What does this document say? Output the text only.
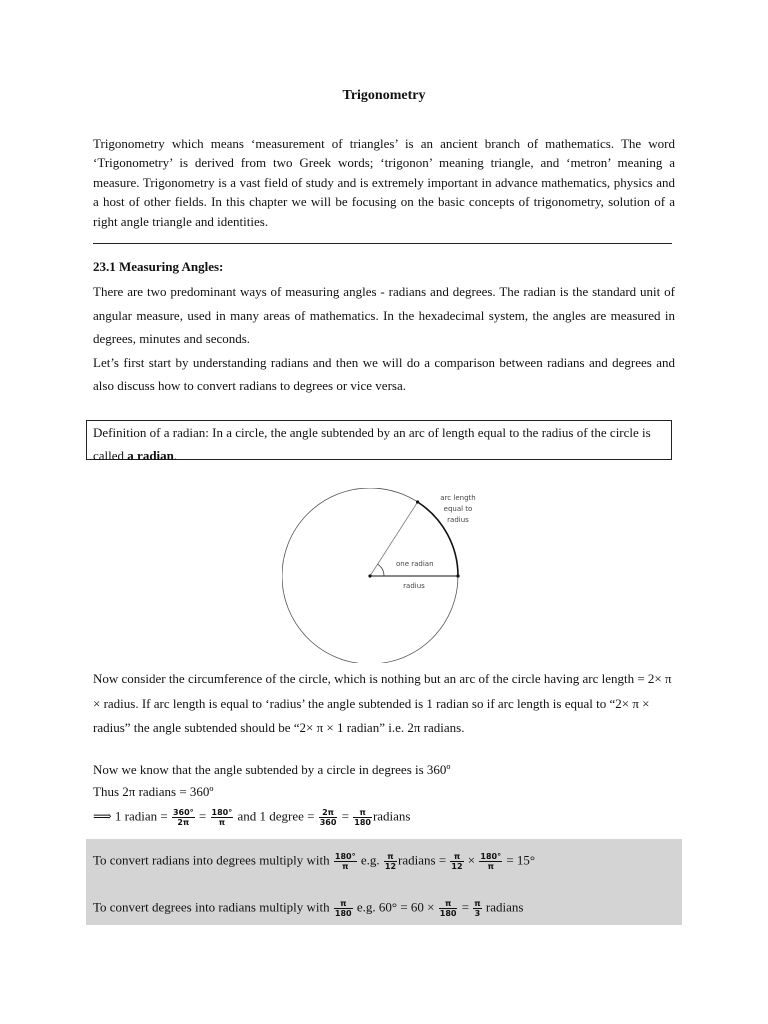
Trigonometry
Trigonometry which means ‘measurement of triangles’ is an ancient branch of mathematics. The word ‘Trigonometry’ is derived from two Greek words; ‘trigonon’ meaning triangle, and ‘metron’ meaning a measure. Trigonometry is a vast field of study and is extremely important in advance mathematics, physics and a host of other fields. In this chapter we will be focusing on the basic concepts of trigonometry, solution of a right angle triangle and identities.
23.1 Measuring Angles:
There are two predominant ways of measuring angles - radians and degrees. The radian is the standard unit of angular measure, used in many areas of mathematics. In the hexadecimal system, the angles are measured in degrees, minutes and seconds.
Let’s first start by understanding radians and then we will do a comparison between radians and degrees and also discuss how to convert radians to degrees or vice versa.
Definition of a radian: In a circle, the angle subtended by an arc of length equal to the radius of the circle is called a radian.
arc length
equal to
radius
one radian
radius
Now consider the circumference of the circle, which is nothing but an arc of the circle having arc length = 2× π × radius. If arc length is equal to ‘radius’ the angle subtended is 1 radian so if arc length is equal to “2× π × radius” the angle subtended should be “2× π × 1 radian” i.e. 2π radians.
Now we know that the angle subtended by a circle in degrees is 360º
Thus 2π radians = 360º
⟹ 1 radian = $\frac{360^\circ}{2\pi} = \frac{180^\circ}{\pi}$ and 1 degree = $\frac{2\pi}{360} = \frac{\pi}{180}$ radians
To convert radians into degrees multiply with $\frac{180^\circ}{\pi} e.g$. $\frac{\pi}{12}$ radians = $\frac{\pi}{12} \times \frac{180^\circ}{\pi} = 15^\circ$
To convert degrees into radians multiply with $\frac{\pi}{180} e.g$. $60^\circ = 60 \times \frac{\pi}{180} = \frac{\pi}{3}$ radians
